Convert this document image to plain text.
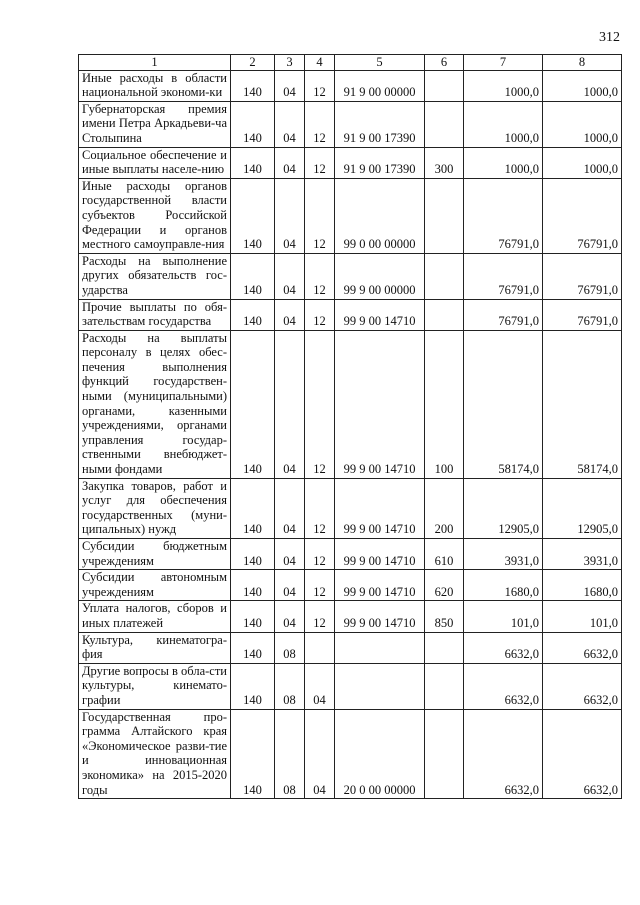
312
1	2	3	4	5	6	7	8
Иные расходы в области национальной экономи-ки	140	04	12	91 9 00 00000		1000,0	1000,0
Губернаторская премия имени Петра Аркадьеви-ча Столыпина	140	04	12	91 9 00 17390		1000,0	1000,0
Социальное обеспечение и иные выплаты населе-нию	140	04	12	91 9 00 17390	300	1000,0	1000,0
Иные расходы органов государственной власти субъектов Российской Федерации и органов местного самоуправле-ния	140	04	12	99 0 00 00000		76791,0	76791,0
Расходы на выполнение других обязательств гос-ударства	140	04	12	99 9 00 00000		76791,0	76791,0
Прочие выплаты по обя-зательствам государства	140	04	12	99 9 00 14710		76791,0	76791,0
Расходы на выплаты персоналу в целях обес-печения выполнения функций государствен-ными (муниципальными) органами, казенными учреждениями, органами управления государ-ственными внебюджет-ными фондами	140	04	12	99 9 00 14710	100	58174,0	58174,0
Закупка товаров, работ и услуг для обеспечения государственных (муни-ципальных) нужд	140	04	12	99 9 00 14710	200	12905,0	12905,0
Субсидии бюджетным учреждениям	140	04	12	99 9 00 14710	610	3931,0	3931,0
Субсидии автономным учреждениям	140	04	12	99 9 00 14710	620	1680,0	1680,0
Уплата налогов, сборов и иных платежей	140	04	12	99 9 00 14710	850	101,0	101,0
Культура, кинематогра-фия	140	08				6632,0	6632,0
Другие вопросы в обла-сти культуры, кинемато-графии	140	08	04			6632,0	6632,0
Государственная про-грамма Алтайского края «Экономическое разви-тие и инновационная экономика» на 2015-2020 годы	140	08	04	20 0 00 00000		6632,0	6632,0
